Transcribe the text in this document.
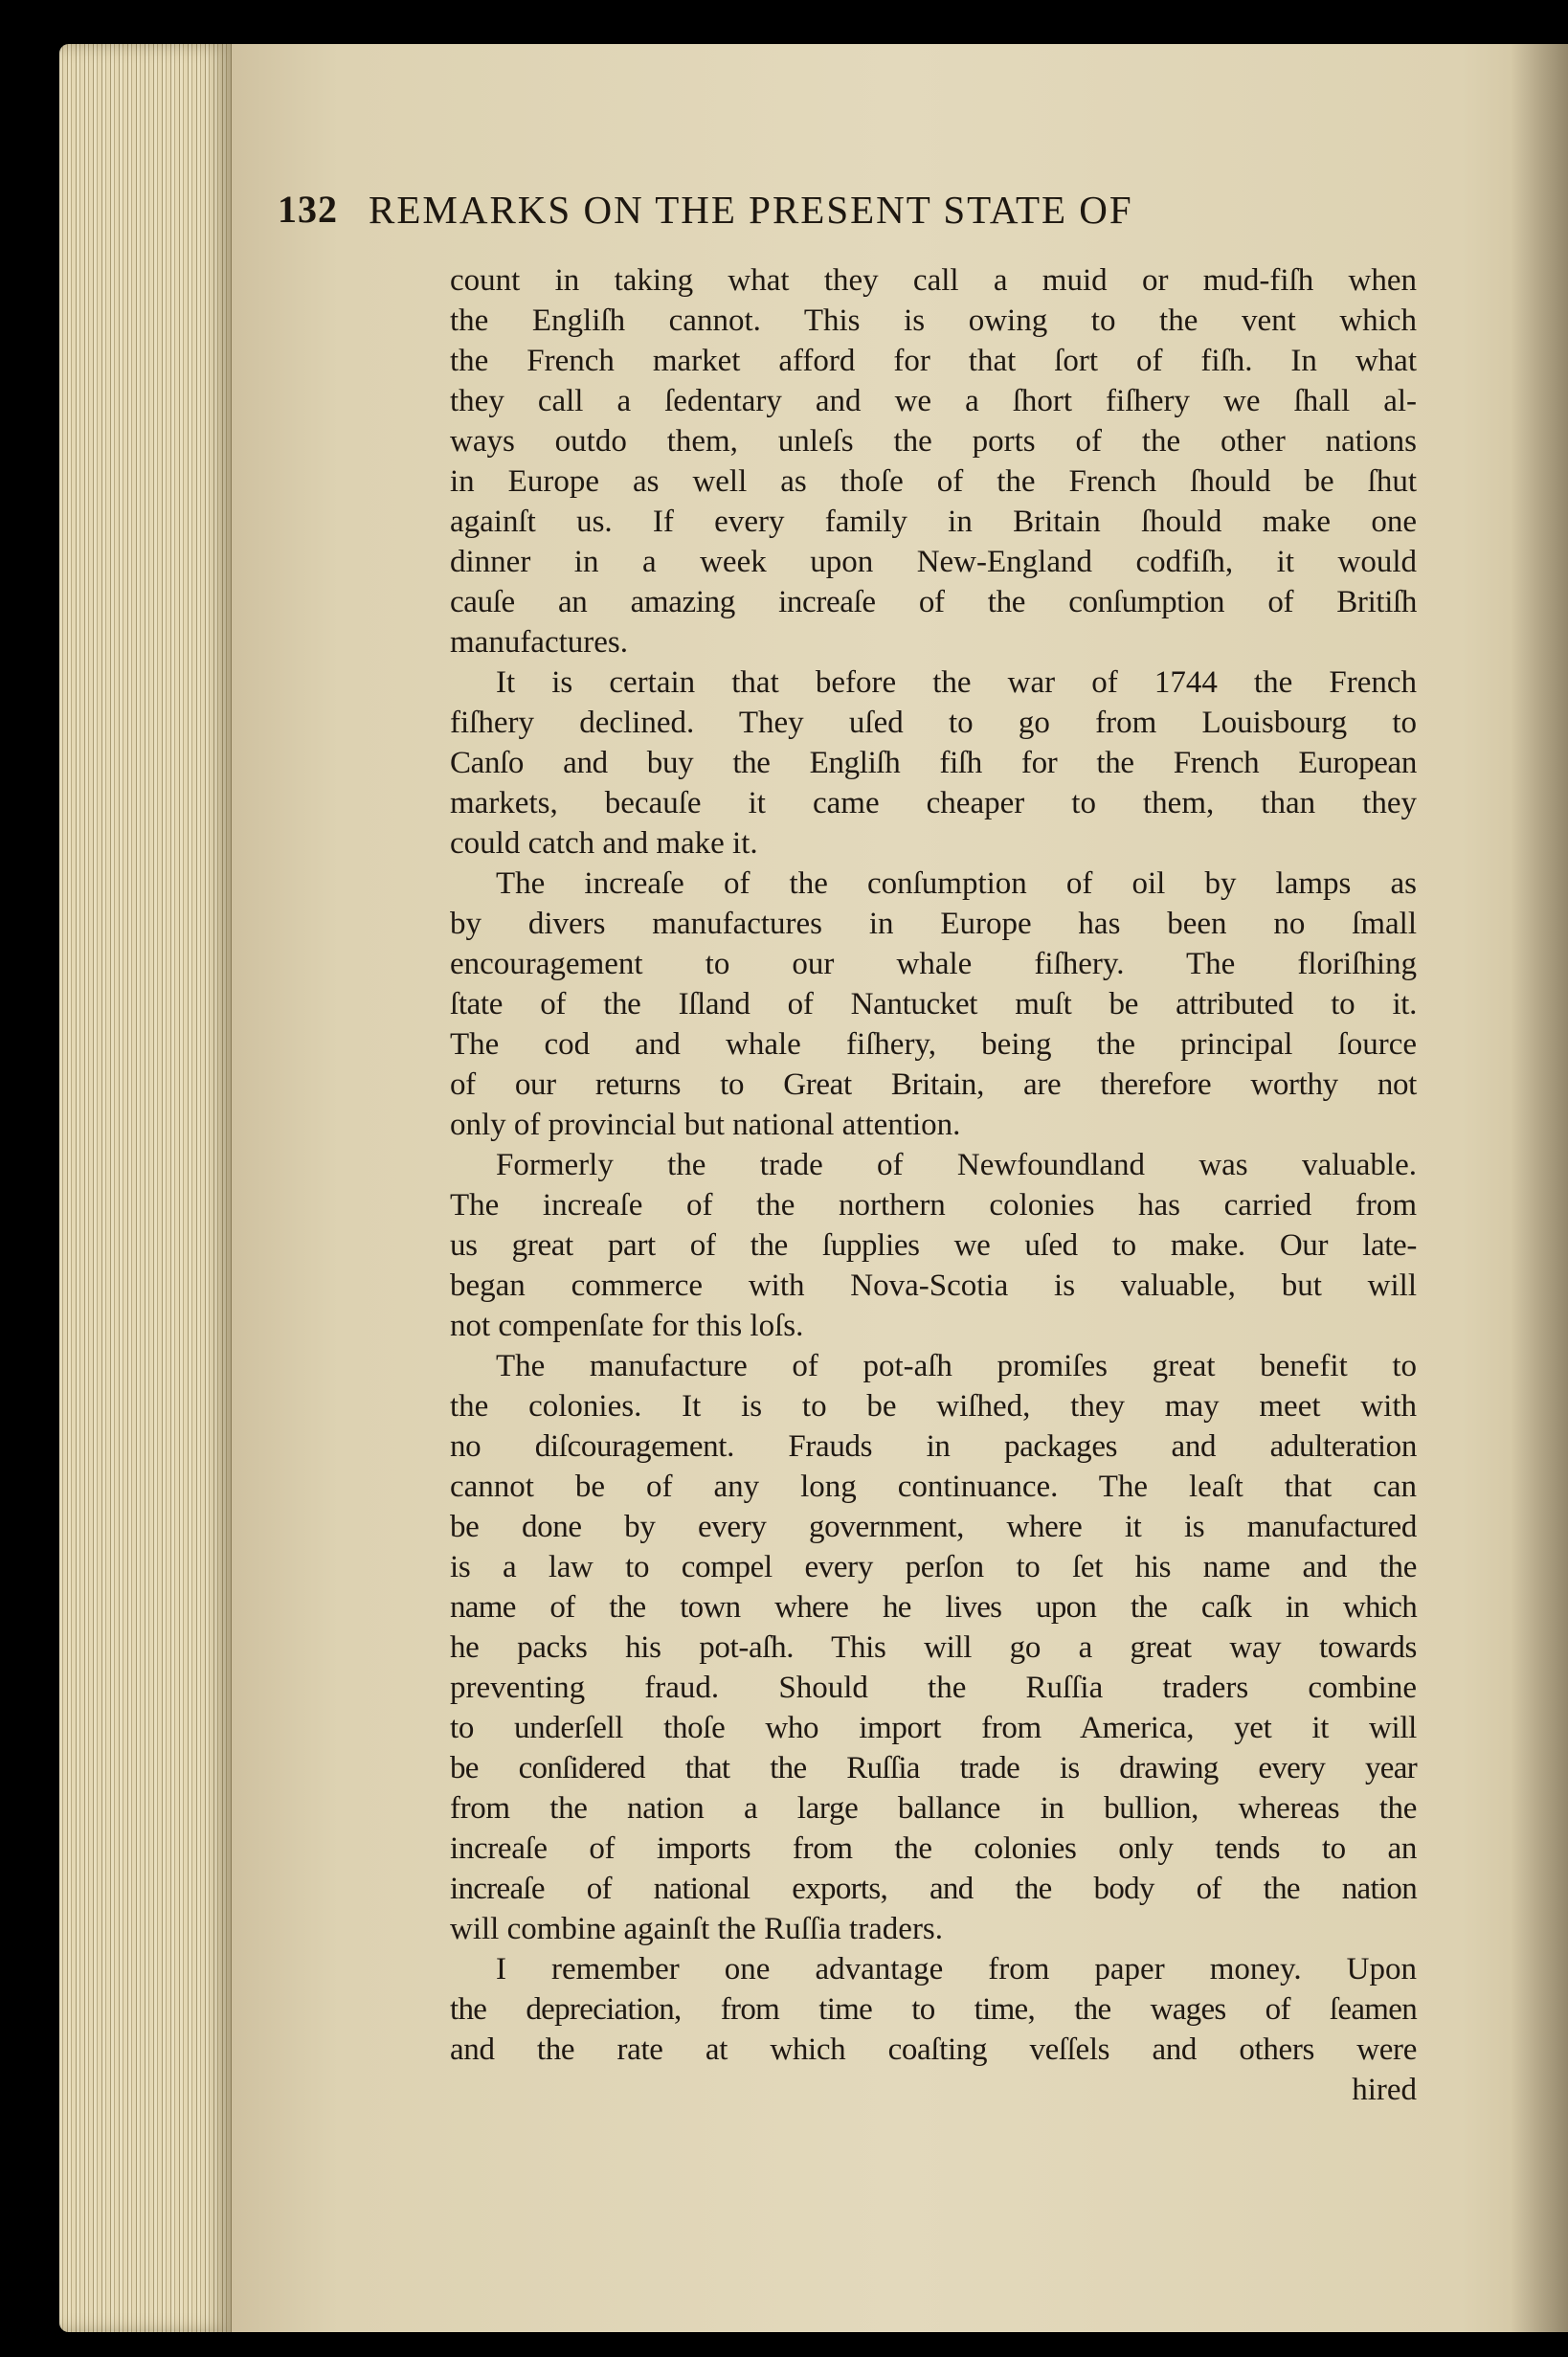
132 REMARKS ON THE PRESENT STATE OF
count in taking what they call a muid or mud-fiſh when
the Engliſh cannot. This is owing to the vent which
the French market afford for that ſort of fiſh. In what
they call a ſedentary and we a ſhort fiſhery we ſhall al-
ways outdo them, unleſs the ports of the other nations
in Europe as well as thoſe of the French ſhould be ſhut
againſt us. If every family in Britain ſhould make one
dinner in a week upon New-England codfiſh, it would
cauſe an amazing increaſe of the conſumption of Britiſh
manufactures.
It is certain that before the war of 1744 the French
fiſhery declined. They uſed to go from Louisbourg to
Canſo and buy the Engliſh fiſh for the French European
markets, becauſe it came cheaper to them, than they
could catch and make it.
The increaſe of the conſumption of oil by lamps as
by divers manufactures in Europe has been no ſmall
encouragement to our whale fiſhery. The floriſhing
ſtate of the Iſland of Nantucket muſt be attributed to it.
The cod and whale fiſhery, being the principal ſource
of our returns to Great Britain, are therefore worthy not
only of provincial but national attention.
Formerly the trade of Newfoundland was valuable.
The increaſe of the northern colonies has carried from
us great part of the ſupplies we uſed to make. Our late-
began commerce with Nova-Scotia is valuable, but will
not compenſate for this loſs.
The manufacture of pot-aſh promiſes great benefit to
the colonies. It is to be wiſhed, they may meet with
no diſcouragement. Frauds in packages and adulteration
cannot be of any long continuance. The leaſt that can
be done by every government, where it is manufactured
is a law to compel every perſon to ſet his name and the
name of the town where he lives upon the caſk in which
he packs his pot-aſh. This will go a great way towards
preventing fraud. Should the Ruſſia traders combine
to underſell thoſe who import from America, yet it will
be conſidered that the Ruſſia trade is drawing every year
from the nation a large ballance in bullion, whereas the
increaſe of imports from the colonies only tends to an
increaſe of national exports, and the body of the nation
will combine againſt the Ruſſia traders.
I remember one advantage from paper money. Upon
the depreciation, from time to time, the wages of ſeamen
and the rate at which coaſting veſſels and others were
hired
